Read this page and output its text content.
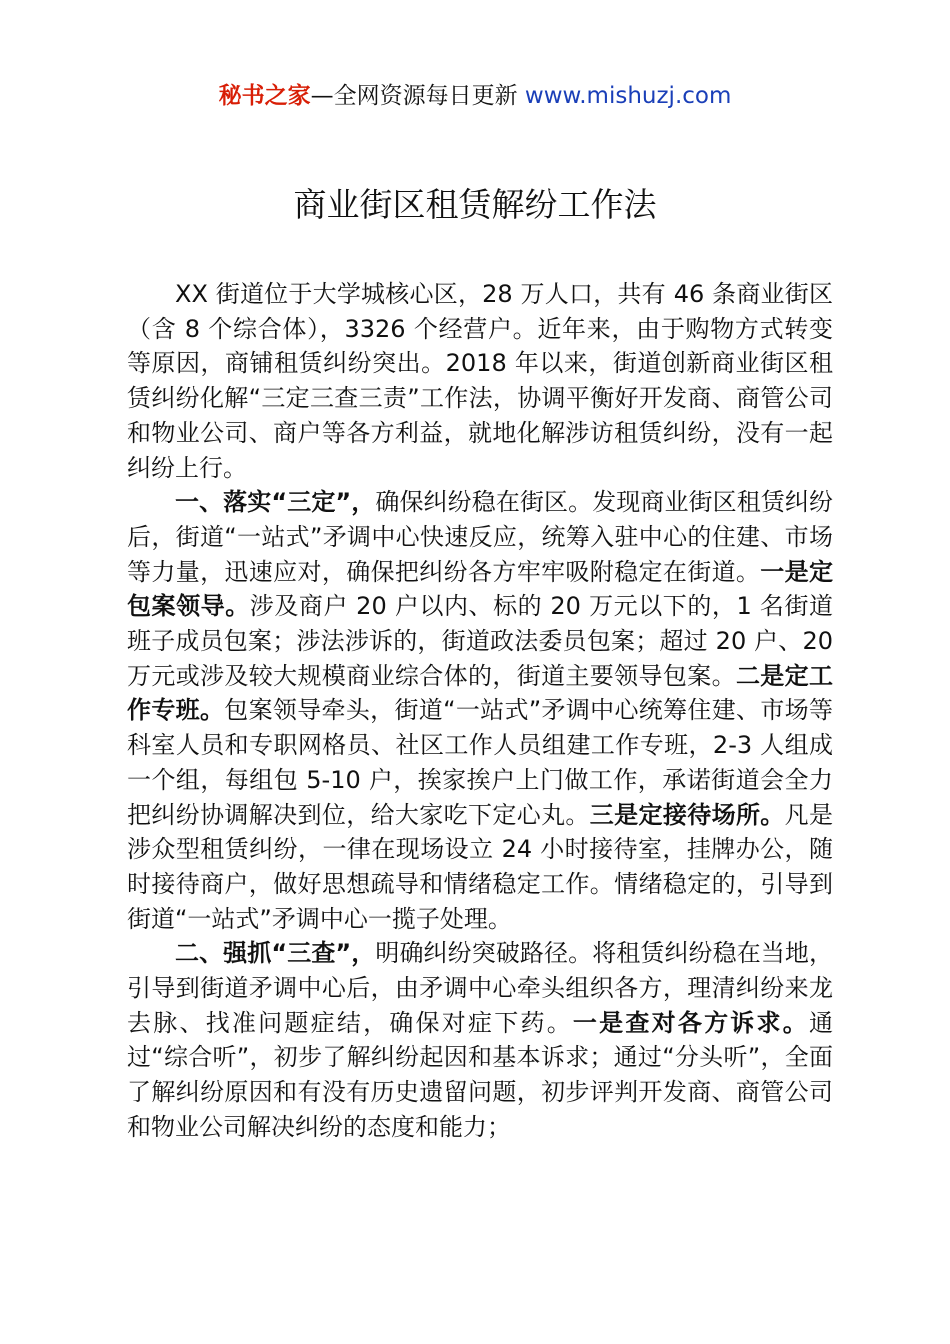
秘书之家—全网资源每日更新 www.mishuzj.com
商业街区租赁解纷工作法

XX 街道位于大学城核心区，28 万人口，共有 46 条商业街区（含 8 个综合体），3326 个经营户。近年来，由于购物方式转变等原因，商铺租赁纠纷突出。2018 年以来，街道创新商业街区租赁纠纷化解“三定三查三责”工作法，协调平衡好开发商、商管公司和物业公司、商户等各方利益，就地化解涉访租赁纠纷，没有一起纠纷上行。

一、落实“三定”，确保纠纷稳在街区。发现商业街区租赁纠纷后，街道“一站式”矛调中心快速反应，统筹入驻中心的住建、市场等力量，迅速应对，确保把纠纷各方牢牢吸附稳定在街道。一是定包案领导。涉及商户 20 户以内、标的 20 万元以下的，1 名街道班子成员包案；涉法涉诉的，街道政法委员包案；超过 20 户、20 万元或涉及较大规模商业综合体的，街道主要领导包案。二是定工作专班。包案领导牵头，街道“一站式”矛调中心统筹住建、市场等科室人员和专职网格员、社区工作人员组建工作专班，2-3 人组成一个组，每组包 5-10 户，挨家挨户上门做工作，承诺街道会全力把纠纷协调解决到位，给大家吃下定心丸。三是定接待场所。凡是涉众型租赁纠纷，一律在现场设立 24 小时接待室，挂牌办公，随时接待商户，做好思想疏导和情绪稳定工作。情绪稳定的，引导到街道“一站式”矛调中心一揽子处理。

二、强抓“三查”，明确纠纷突破路径。将租赁纠纷稳在当地，引导到街道矛调中心后，由矛调中心牵头组织各方，理清纠纷来龙去脉、找准问题症结，确保对症下药。一是查对各方诉求。通过“综合听”，初步了解纠纷起因和基本诉求；通过“分头听”，全面了解纠纷原因和有没有历史遗留问题，初步评判开发商、商管公司和物业公司解决纠纷的态度和能力；
